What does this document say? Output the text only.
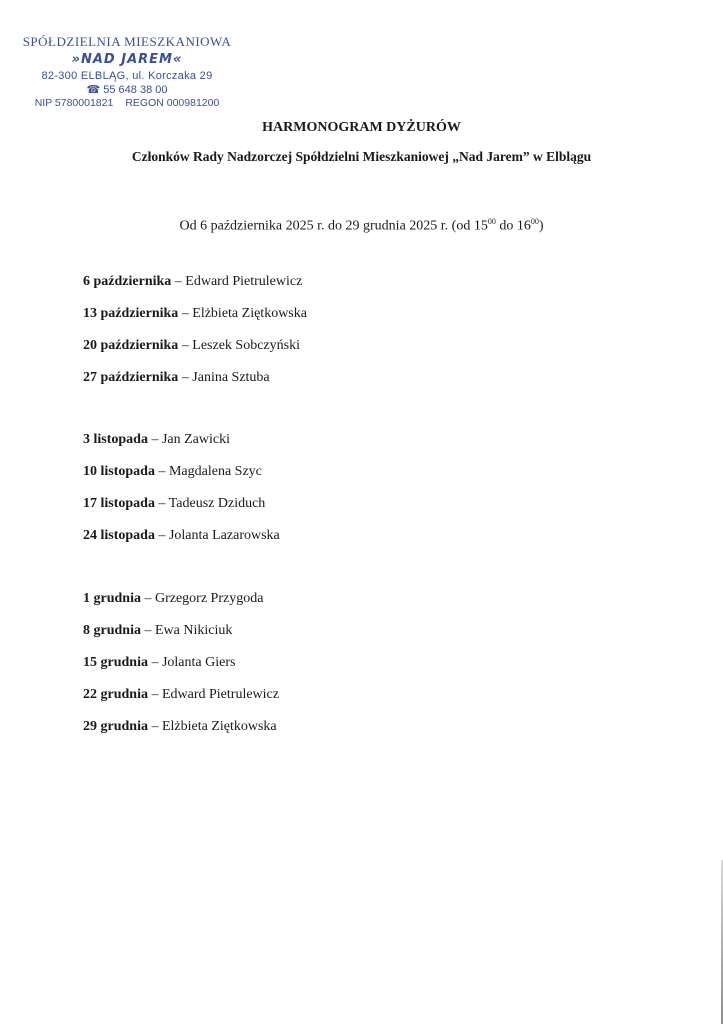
SPÓŁDZIELNIA MIESZKANIOWA
»NAD JAREM«
82-300 ELBLĄG, ul. Korczaka 29
☎ 55 648 38 00
NIP 5780001821 REGON 000981200
HARMONOGRAM DYŻURÓW
Członków Rady Nadzorczej Spółdzielni Mieszkaniowej „Nad Jarem” w Elblągu
Od 6 października 2025 r. do 29 grudnia 2025 r. (od $15^{00}$ do $16^{00}$)
6 października – Edward Pietrulewicz
13 października – Elżbieta Ziętkowska
20 października – Leszek Sobczyński
27 października – Janina Sztuba
3 listopada – Jan Zawicki
10 listopada – Magdalena Szyc
17 listopada – Tadeusz Dziduch
24 listopada – Jolanta Lazarowska
1 grudnia – Grzegorz Przygoda
8 grudnia – Ewa Nikiciuk
15 grudnia – Jolanta Giers
22 grudnia – Edward Pietrulewicz
29 grudnia – Elżbieta Ziętkowska
